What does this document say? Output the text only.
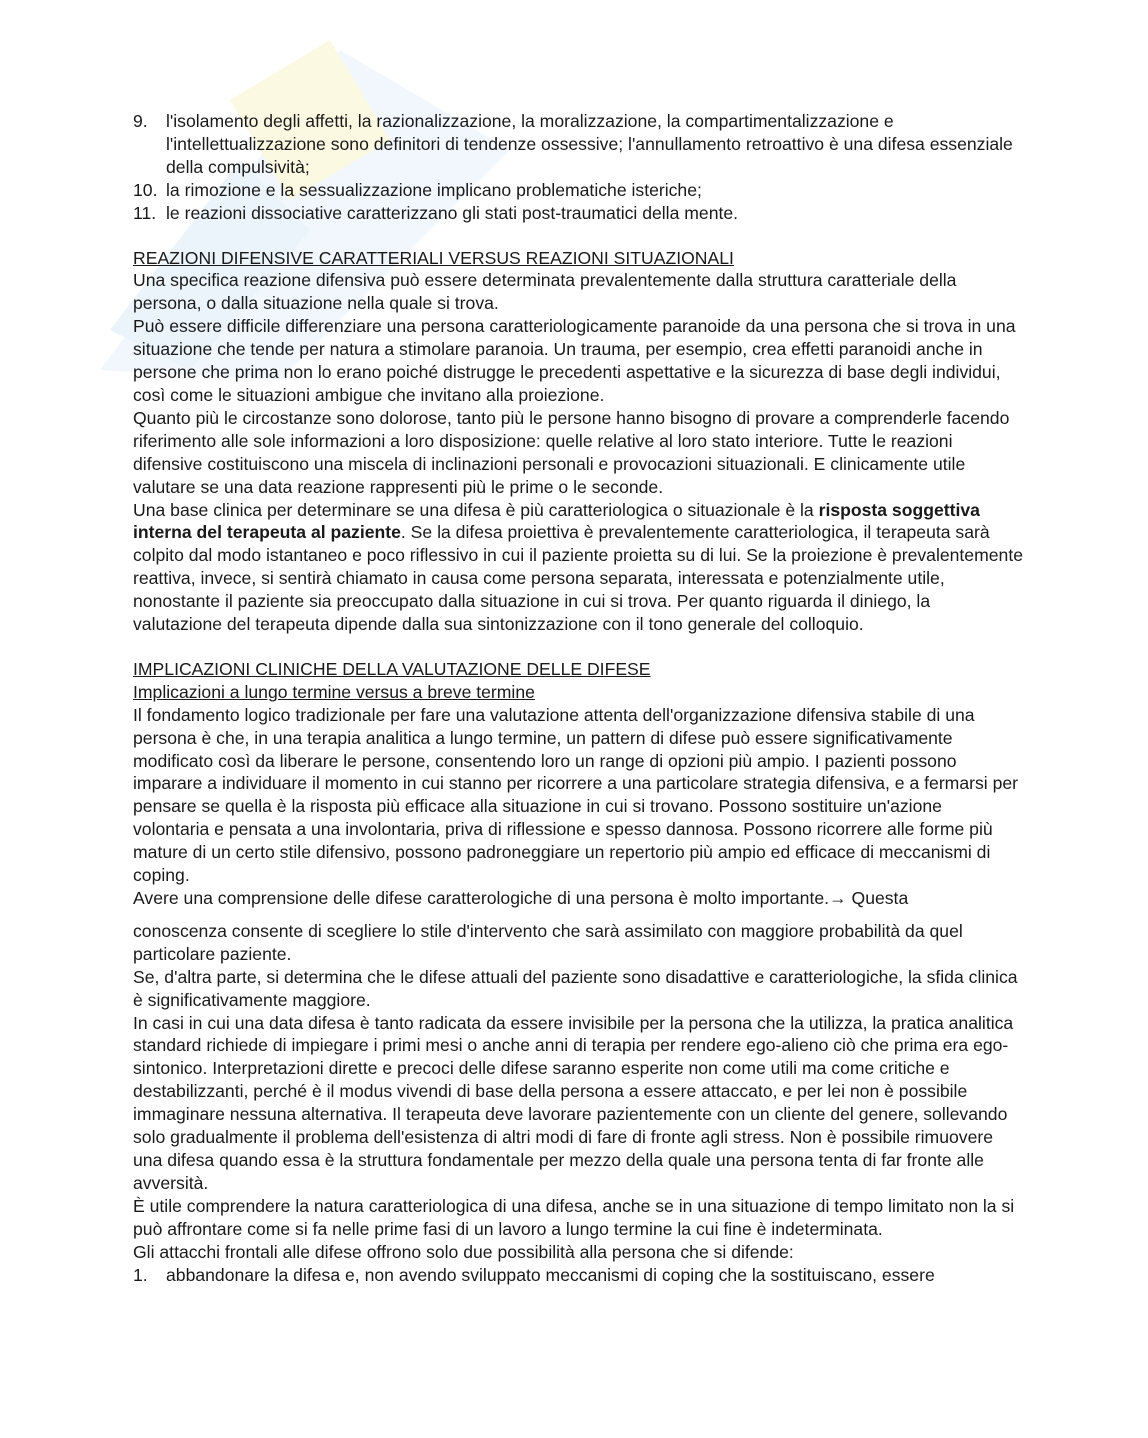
9. l'isolamento degli affetti, la razionalizzazione, la moralizzazione, la compartimentalizzazione e l'intellettualizzazione sono definitori di tendenze ossessive; l'annullamento retroattivo è una difesa essenziale della compulsività;
10. la rimozione e la sessualizzazione implicano problematiche isteriche;
11. le reazioni dissociative caratterizzano gli stati post-traumatici della mente.

REAZIONI DIFENSIVE CARATTERIALI VERSUS REAZIONI SITUAZIONALI

Una specifica reazione difensiva può essere determinata prevalentemente dalla struttura caratteriale della persona, o dalla situazione nella quale si trova.

Può essere difficile differenziare una persona caratteriologicamente paranoide da una persona che si trova in una situazione che tende per natura a stimolare paranoia. Un trauma, per esempio, crea effetti paranoidi anche in persone che prima non lo erano poiché distrugge le precedenti aspettative e la sicurezza di base degli individui, così come le situazioni ambigue che invitano alla proiezione.

Quanto più le circostanze sono dolorose, tanto più le persone hanno bisogno di provare a comprenderle facendo riferimento alle sole informazioni a loro disposizione: quelle relative al loro stato interiore. Tutte le reazioni difensive costituiscono una miscela di inclinazioni personali e provocazioni situazionali. E clinicamente utile valutare se una data reazione rappresenti più le prime o le seconde.

Una base clinica per determinare se una difesa è più caratteriologica o situazionale è la risposta soggettiva interna del terapeuta al paziente. Se la difesa proiettiva è prevalentemente caratteriologica, il terapeuta sarà colpito dal modo istantaneo e poco riflessivo in cui il paziente proietta su di lui. Se la proiezione è prevalentemente reattiva, invece, si sentirà chiamato in causa come persona separata, interessata e potenzialmente utile, nonostante il paziente sia preoccupato dalla situazione in cui si trova. Per quanto riguarda il diniego, la valutazione del terapeuta dipende dalla sua sintonizzazione con il tono generale del colloquio.

IMPLICAZIONI CLINICHE DELLA VALUTAZIONE DELLE DIFESE

Implicazioni a lungo termine versus a breve termine

Il fondamento logico tradizionale per fare una valutazione attenta dell'organizzazione difensiva stabile di una persona è che, in una terapia analitica a lungo termine, un pattern di difese può essere significativamente modificato così da liberare le persone, consentendo loro un range di opzioni più ampio. I pazienti possono imparare a individuare il momento in cui stanno per ricorrere a una particolare strategia difensiva, e a fermarsi per pensare se quella è la risposta più efficace alla situazione in cui si trovano. Possono sostituire un'azione volontaria e pensata a una involontaria, priva di riflessione e spesso dannosa. Possono ricorrere alle forme più mature di un certo stile difensivo, possono padroneggiare un repertorio più ampio ed efficace di meccanismi di coping.

Avere una comprensione delle difese caratterologiche di una persona è molto importante.→ Questa

conoscenza consente di scegliere lo stile d'intervento che sarà assimilato con maggiore probabilità da quel particolare paziente.

Se, d'altra parte, si determina che le difese attuali del paziente sono disadattive e caratteriologiche, la sfida clinica è significativamente maggiore.

In casi in cui una data difesa è tanto radicata da essere invisibile per la persona che la utilizza, la pratica analitica standard richiede di impiegare i primi mesi o anche anni di terapia per rendere ego-alieno ciò che prima era ego-sintonico. Interpretazioni dirette e precoci delle difese saranno esperite non come utili ma come critiche e destabilizzanti, perché è il modus vivendi di base della persona a essere attaccato, e per lei non è possibile immaginare nessuna alternativa. Il terapeuta deve lavorare pazientemente con un cliente del genere, sollevando solo gradualmente il problema dell'esistenza di altri modi di fare di fronte agli stress. Non è possibile rimuovere una difesa quando essa è la struttura fondamentale per mezzo della quale una persona tenta di far fronte alle avversità.

È utile comprendere la natura caratteriologica di una difesa, anche se in una situazione di tempo limitato non la si può affrontare come si fa nelle prime fasi di un lavoro a lungo termine la cui fine è indeterminata.

Gli attacchi frontali alle difese offrono solo due possibilità alla persona che si difende:

1. abbandonare la difesa e, non avendo sviluppato meccanismi di coping che la sostituiscano, essere
